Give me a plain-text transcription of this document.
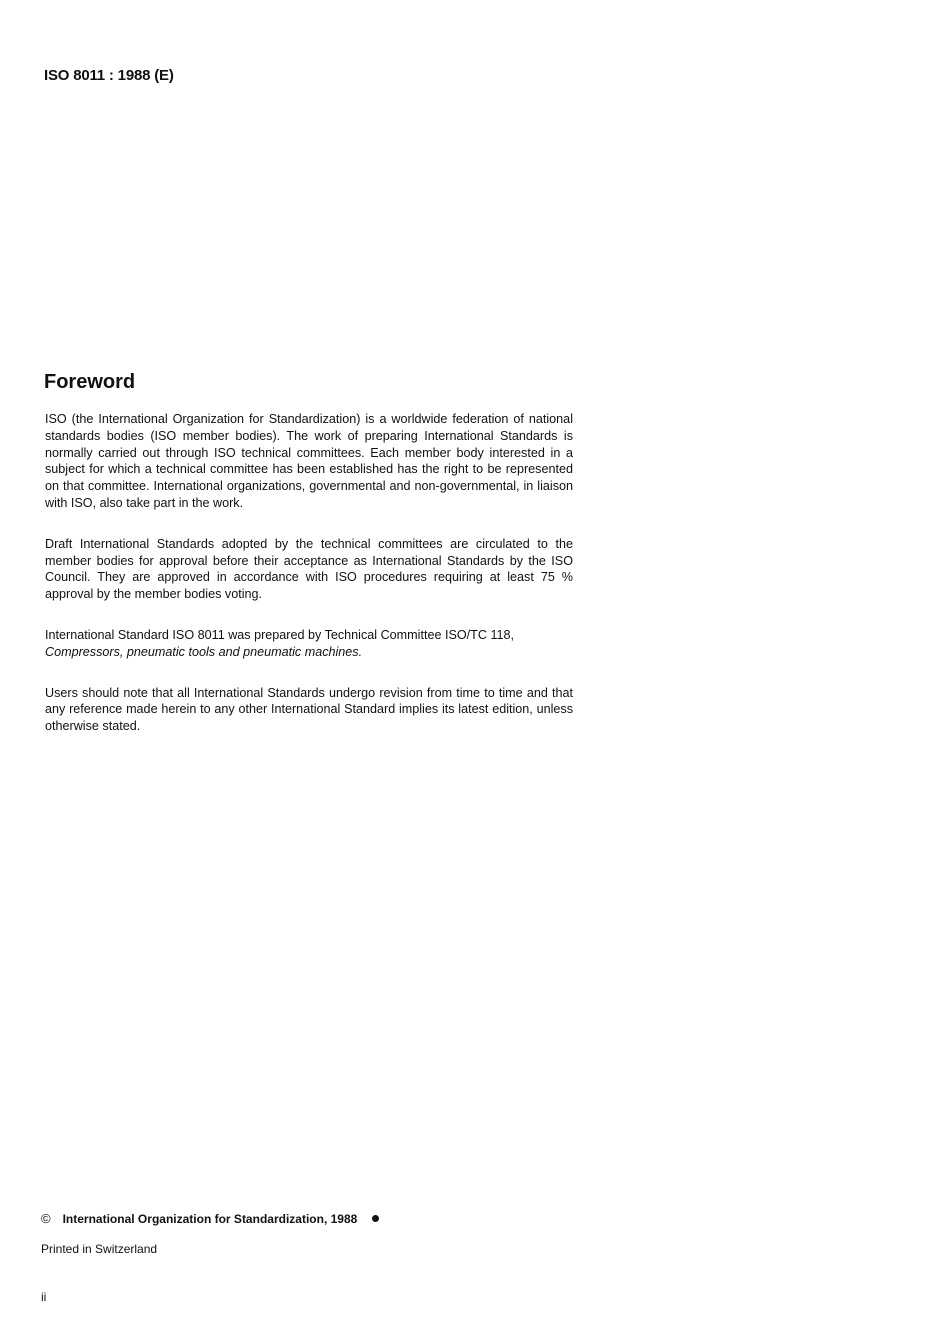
ISO 8011 : 1988 (E)
Foreword

ISO (the International Organization for Standardization) is a worldwide federation of national standards bodies (ISO member bodies). The work of preparing International Standards is normally carried out through ISO technical committees. Each member body interested in a subject for which a technical committee has been established has the right to be represented on that committee. International organizations, governmental and non-governmental, in liaison with ISO, also take part in the work.

Draft International Standards adopted by the technical committees are circulated to the member bodies for approval before their acceptance as International Standards by the ISO Council. They are approved in accordance with ISO procedures requiring at least 75 % approval by the member bodies voting.

International Standard ISO 8011 was prepared by Technical Committee ISO/TC 118,
Compressors, pneumatic tools and pneumatic machines.

Users should note that all International Standards undergo revision from time to time and that any reference made herein to any other International Standard implies its latest edition, unless otherwise stated.

© International Organization for Standardization, 1988
Printed in Switzerland
ii
